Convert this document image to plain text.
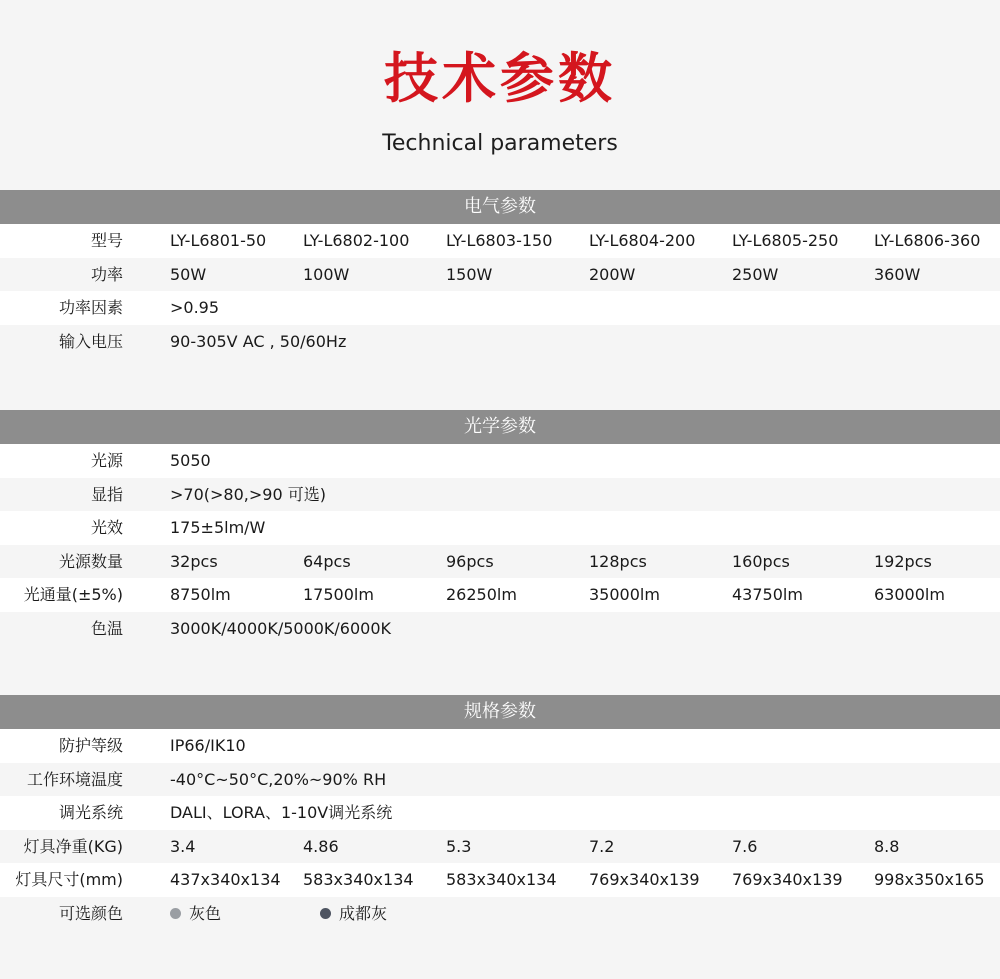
技术参数
Technical parameters
电气参数
型号	LY-L6801-50 LY-L6802-100 LY-L6803-150 LY-L6804-200 LY-L6805-250 LY-L6806-360
功率	50W	100W	150W	200W	250W	360W
功率因素	>0.95
输入电压	90-305V AC , 50/60Hz
光学参数
光源	5050
显指	>70(>80,>90 可选)
光效	175±5lm/W
光源数量	32pcs	64pcs	96pcs	128pcs	160pcs	192pcs
光通量(±5%)	8750lm	17500lm	26250lm	35000lm	43750lm	63000lm
色温	3000K/4000K/5000K/6000K
规格参数
防护等级	IP66/IK10
工作环境温度	-40°C~50°C,20%~90% RH
调光系统	DALI、LORA、1-10V调光系统
灯具净重(KG)	3.4	4.86	5.3	7.2	7.6	8.8
灯具尺寸(mm)	437x340x134 583x340x134 583x340x134 769x340x139 769x340x139 998x350x165
可选颜色	灰色	成都灰
